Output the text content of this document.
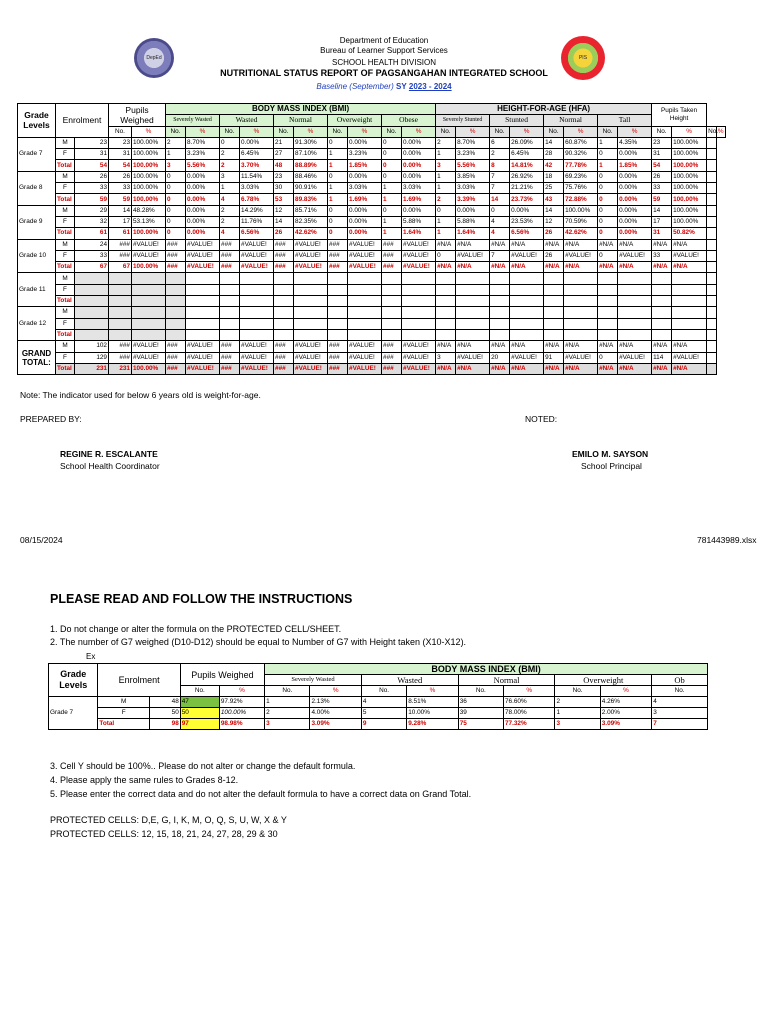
DepEd	PIS
Department of Education
Bureau of Learner Support Services
SCHOOL HEALTH DIVISION
NUTRITIONAL STATUS REPORT OF PAGSANGAHAN INTEGRATED SCHOOL
Baseline (September) SY 2023 - 2024
Grade Levels	Enrolment		Pupils Weighed		BODY MASS INDEX (BMI)										HEIGHT-FOR-AGE (HFA)								Pupils Taken Height			
					Severely Wasted		Wasted		Normal		Overweight		Obese		Severely Stunted		Stunted		Normal		Tall					
			No.	%	No.	%	No.	%	No.	%	No.	%	No.	%	No.	%	No.	%	No.	%	No.	%	No.	%	No.	%
Grade 7	M	23	23	100.00%	2	8.70%	0	0.00%	21	91.30%	0	0.00%	0	0.00%	2	8.70%	6	26.09%	14	60.87%	1	4.35%	23	100.00%		
	F	31	31	100.00%	1	3.23%	2	6.45%	27	87.10%	1	3.23%	0	0.00%	1	3.23%	2	6.45%	28	90.32%	0	0.00%	31	100.00%		
	Total	54	54	100.00%	3	5.56%	2	3.70%	48	88.89%	1	1.85%	0	0.00%	3	5.56%	8	14.81%	42	77.78%	1	1.85%	54	100.00%		
Grade 8	M	26	26	100.00%	0	0.00%	3	11.54%	23	88.46%	0	0.00%	0	0.00%	1	3.85%	7	26.92%	18	69.23%	0	0.00%	26	100.00%		
	F	33	33	100.00%	0	0.00%	1	3.03%	30	90.91%	1	3.03%	1	3.03%	1	3.03%	7	21.21%	25	75.76%	0	0.00%	33	100.00%		
	Total	59	59	100.00%	0	0.00%	4	6.78%	53	89.83%	1	1.69%	1	1.69%	2	3.39%	14	23.73%	43	72.88%	0	0.00%	59	100.00%		
Grade 9	M	29	14	48.28%	0	0.00%	2	14.29%	12	85.71%	0	0.00%	0	0.00%	0	0.00%	0	0.00%	14	100.00%	0	0.00%	14	100.00%		
	F	32	17	53.13%	0	0.00%	2	11.76%	14	82.35%	0	0.00%	1	5.88%	1	5.88%	4	23.53%	12	70.59%	0	0.00%	17	100.00%		
	Total	61	61	100.00%	0	0.00%	4	6.56%	26	42.62%	0	0.00%	1	1.64%	1	1.64%	4	6.56%	26	42.62%	0	0.00%	31	50.82%		
Grade 10	M	24	###	#VALUE!	###	#VALUE!	###	#VALUE!	###	#VALUE!	###	#VALUE!	###	#VALUE!	#N/A	#N/A	#N/A	#N/A	#N/A	#N/A	#N/A	#N/A	#N/A	#N/A		
	F	33	###	#VALUE!	###	#VALUE!	###	#VALUE!	###	#VALUE!	###	#VALUE!	###	#VALUE!	0	#VALUE!	7	#VALUE!	26	#VALUE!	0	#VALUE!	33	#VALUE!		
	Total	67	67	100.00%	###	#VALUE!	###	#VALUE!	###	#VALUE!	###	#VALUE!	###	#VALUE!	#N/A	#N/A	#N/A	#N/A	#N/A	#N/A	#N/A	#N/A	#N/A	#N/A		
Grade 11	M																									
	F																									
	Total																									
Grade 12	M																									
	F																									
	Total																									
GRAND TOTAL:	M	102	###	#VALUE!	###	#VALUE!	###	#VALUE!	###	#VALUE!	###	#VALUE!	###	#VALUE!	#N/A	#N/A	#N/A	#N/A	#N/A	#N/A	#N/A	#N/A	#N/A	#N/A		
	F	129	###	#VALUE!	###	#VALUE!	###	#VALUE!	###	#VALUE!	###	#VALUE!	###	#VALUE!	3	#VALUE!	20	#VALUE!	91	#VALUE!	0	#VALUE!	114	#VALUE!		
	Total	231	231	100.00%	###	#VALUE!	###	#VALUE!	###	#VALUE!	###	#VALUE!	###	#VALUE!	#N/A	#N/A	#N/A	#N/A	#N/A	#N/A	#N/A	#N/A	#N/A	#N/A		
Note: The indicator used for below 6 years old is weight-for-age.
PREPARED BY:	NOTED:
REGINE R. ESCALANTE
School Health Coordinator
EMILO M. SAYSON
School Principal
08/15/2024	781443989.xlsx
PLEASE READ AND FOLLOW THE INSTRUCTIONS
1. Do not change or alter the formula on the PROTECTED CELL/SHEET.
2. The number of G7 weighed (D10-D12) should be equal to Number of G7 with Height taken (X10-X12).
Ex
Grade Levels	Enrolment		Pupils Weighed		BODY MASS INDEX (BMI)								
					Severely Wasted		Wasted		Normal		Overweight		Ob
			No.	%	No.	%	No.	%	No.	%	No.	%	No.
Grade 7	M	48	47	97.92%	1	2.13%	4	8.51%	36	76.60%	2	4.26%	4
	F	50	50	100.00%	2	4.00%	5	10.00%	39	78.00%	1	2.00%	3
	Total	98	97	98.98%	3	3.09%	9	9.28%	75	77.32%	3	3.09%	7
3. Cell Y should be 100%.. Please do not alter or change the default formula.
4. Please apply the same rules to Grades 8-12.
5. Please enter the correct data and do not alter the default formula to have a correct data on Grand Total.
PROTECTED CELLS: D,E, G, I, K, M, O, Q, S, U, W, X & Y
PROTECTED CELLS: 12, 15, 18, 21, 24, 27, 28, 29 & 30
